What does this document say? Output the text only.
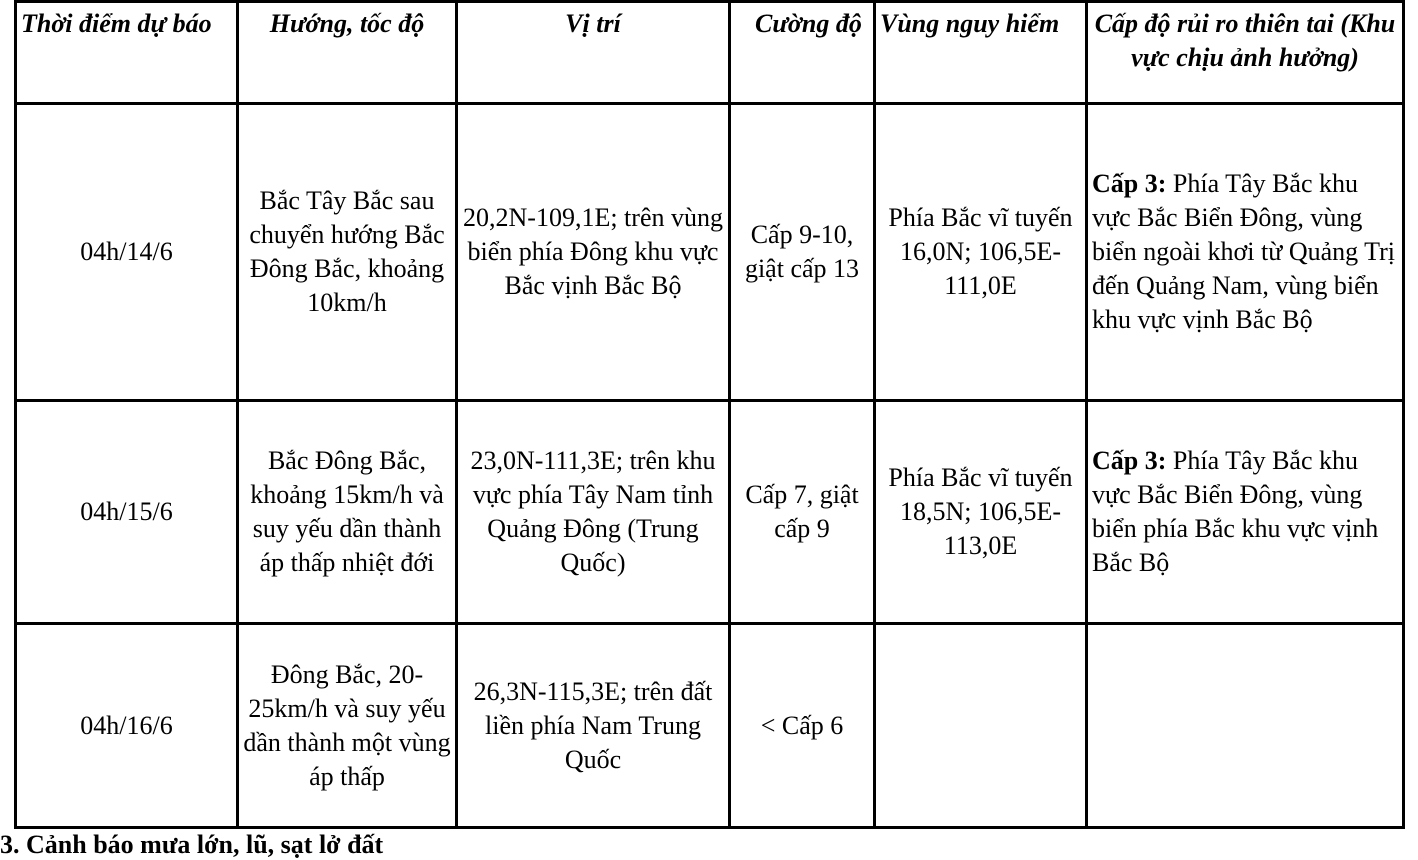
Thời điểm dự báo	Hướng, tốc độ	Vị trí	Cường độ	Vùng nguy hiểm	Cấp độ rủi ro thiên tai (Khu vực chịu ảnh hưởng)
04h/14/6	Bắc Tây Bắc sau chuyển hướng Bắc Đông Bắc, khoảng 10km/h	20,2N-109,1E; trên vùng biển phía Đông khu vực Bắc vịnh Bắc Bộ	Cấp 9-10, giật cấp 13	Phía Bắc vĩ tuyến 16,0N; 106,5E-111,0E	Cấp 3: Phía Tây Bắc khu vực Bắc Biển Đông, vùng biển ngoài khơi từ Quảng Trị đến Quảng Nam, vùng biển khu vực vịnh Bắc Bộ
04h/15/6	Bắc Đông Bắc, khoảng 15km/h và suy yếu dần thành áp thấp nhiệt đới	23,0N-111,3E; trên khu vực phía Tây Nam tỉnh Quảng Đông (Trung Quốc)	Cấp 7, giật cấp 9	Phía Bắc vĩ tuyến 18,5N; 106,5E-113,0E	Cấp 3: Phía Tây Bắc khu vực Bắc Biển Đông, vùng biển phía Bắc khu vực vịnh Bắc Bộ
04h/16/6	Đông Bắc, 20-25km/h và suy yếu dần thành một vùng áp thấp	26,3N-115,3E; trên đất liền phía Nam Trung Quốc	< Cấp 6		
3. Cảnh báo mưa lớn, lũ, sạt lở đất
